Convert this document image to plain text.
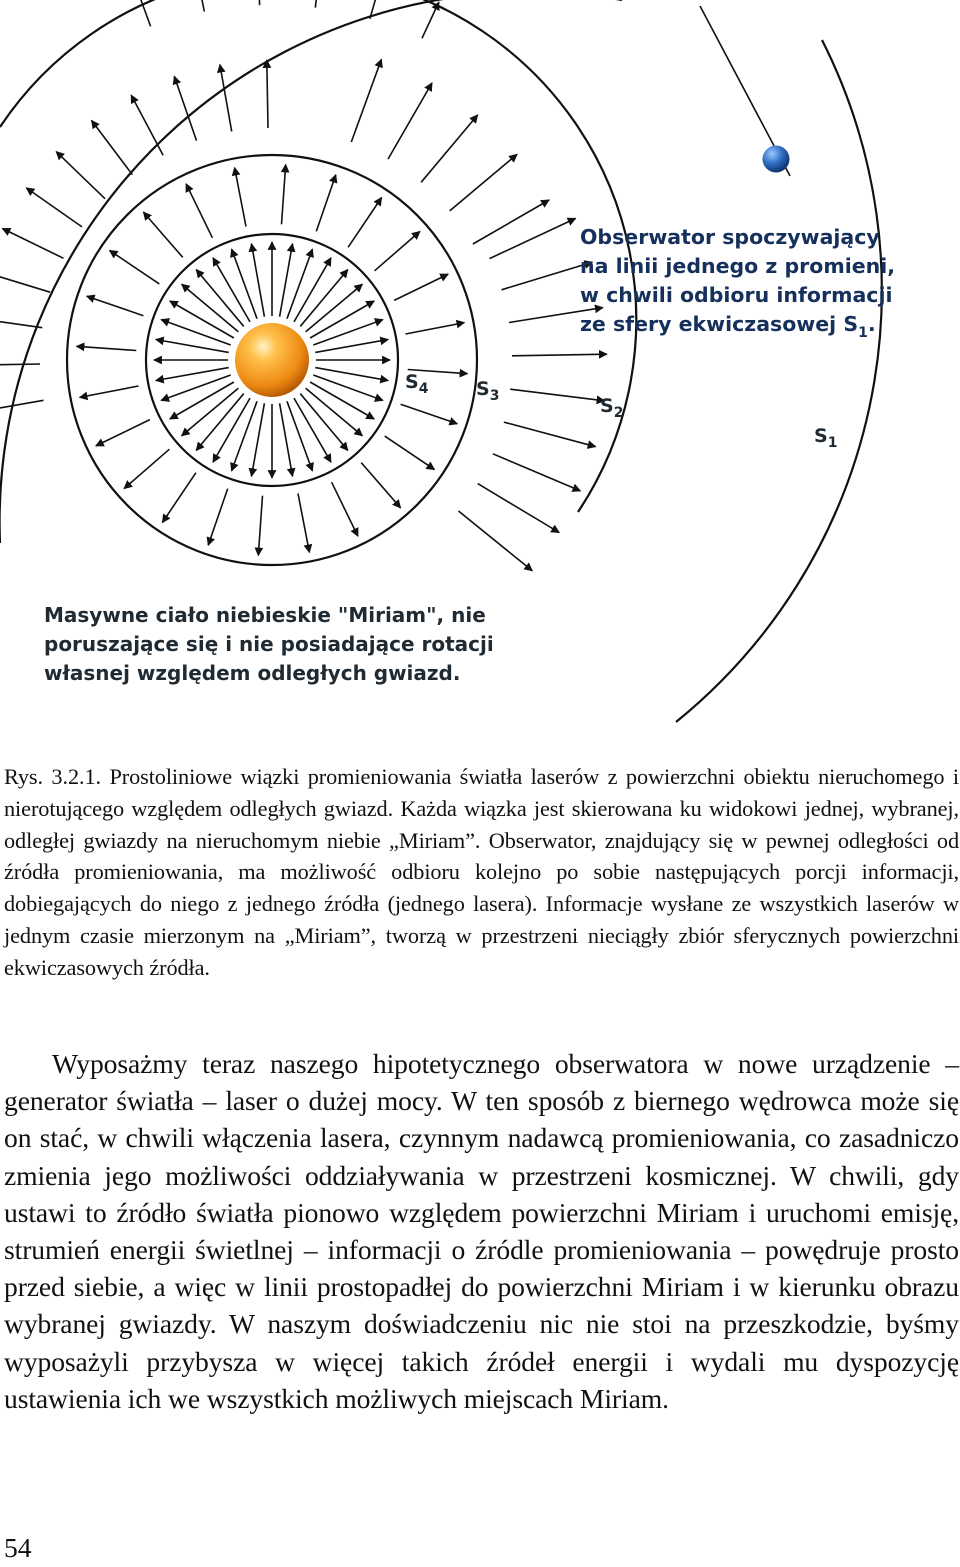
Obserwator spoczywający
na linii jednego z promieni,
w chwili odbioru informacji
ze sfery ekwiczasowej $S_1$.
$S_4$	$S_3$	$S_2$
$S_1$
Masywne ciało niebieskie "Miriam", nie
poruszające się i nie posiadające rotacji
własnej względem odległych gwiazd.

Rys. 3.2.1. Prostoliniowe wiązki promieniowania światła laserów z powierzchni obiektu nieruchomego i nierotującego względem odległych gwiazd. Każda wiązka jest skierowana ku widokowi jednej, wybranej, odległej gwiazdy na nieruchomym niebie „Miriam”. Obserwator, znajdujący się w pewnej odległości od źródła promieniowania, ma możliwość odbioru kolejno po sobie następujących porcji informacji, dobiegających do niego z jednego źródła (jednego lasera). Informacje wysłane ze wszystkich laserów w jednym czasie mierzonym na „Miriam”, tworzą w przestrzeni nieciągły zbiór sferycznych powierzchni ekwiczasowych źródła.

Wyposażmy teraz naszego hipotetycznego obserwatora w nowe urządzenie – generator światła – laser o dużej mocy. W ten sposób z biernego wędrowca może się on stać, w chwili włączenia lasera, czynnym nadawcą promieniowania, co zasadniczo zmienia jego możliwości oddziaływania w przestrzeni kosmicznej. W chwili, gdy ustawi to źródło światła pionowo względem powierzchni Miriam i uruchomi emisję, strumień energii świetlnej – informacji o źródle promieniowania – powędruje prosto przed siebie, a więc w linii prostopadłej do powierzchni Miriam i w kierunku obrazu wybranej gwiazdy. W naszym doświadczeniu nic nie stoi na przeszkodzie, byśmy wyposażyli przybysza w więcej takich źródeł energii i wydali mu dyspozycję ustawienia ich we wszystkich możliwych miejscach Miriam.

54
